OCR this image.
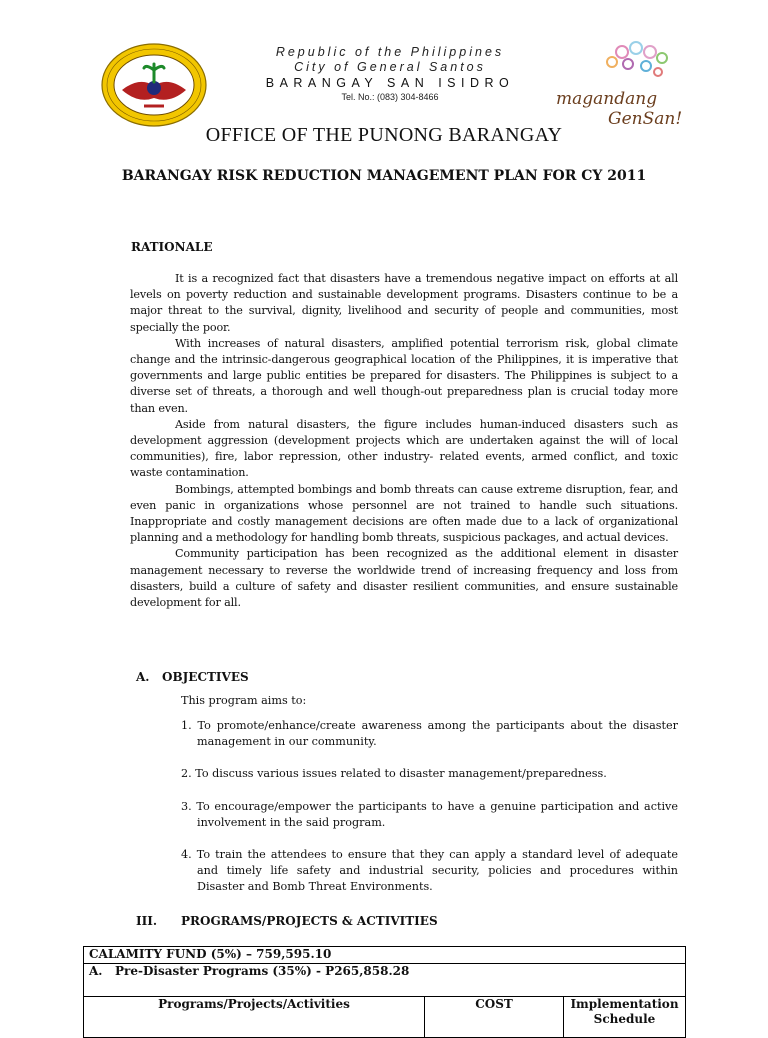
Republic of the Philippines
City of General Santos
BARANGAY SAN ISIDRO
Tel. No.: (083) 304-8466	magandang
GenSan!
OFFICE OF THE PUNONG BARANGAY
BARANGAY RISK REDUCTION MANAGEMENT PLAN FOR CY 2011
RATIONALE

It is a recognized fact that disasters have a tremendous negative impact on efforts at all levels on poverty reduction and sustainable development programs. Disasters continue to be a major threat to the survival, dignity, livelihood and security of people and communities, most specially the poor.

With increases of natural disasters, amplified potential terrorism risk, global climate change and the intrinsic-dangerous geographical location of the Philippines, it is imperative that governments and large public entities be prepared for disasters. The Philippines is subject to a diverse set of threats, a thorough and well though-out preparedness plan is crucial today more than even.

Aside from natural disasters, the figure includes human-induced disasters such as development aggression (development projects which are undertaken against the will of local communities), fire, labor repression, other industry- related events, armed conflict, and toxic waste contamination.

Bombings, attempted bombings and bomb threats can cause extreme disruption, fear, and even panic in organizations whose personnel are not trained to handle such situations. Inappropriate and costly management decisions are often made due to a lack of organizational planning and a methodology for handling bomb threats, suspicious packages, and actual devices.

Community participation has been recognized as the additional element in disaster management necessary to reverse the worldwide trend of increasing frequency and loss from disasters, build a culture of safety and disaster resilient communities, and ensure sustainable development for all.

A.   OBJECTIVES
This program aims to:
1. To promote/enhance/create awareness among the participants about the disaster management in our community.
2. To discuss various issues related to disaster management/preparedness.
3. To encourage/empower the participants to have a genuine participation and active involvement in the said program.
4. To train the attendees to ensure that they can apply a standard level of adequate and timely life safety and industrial security, policies and procedures within Disaster and Bomb Threat Environments.
III. PROGRAMS/PROJECTS & ACTIVITIES
CALAMITY FUND (5%) – 759,595.10
A.   Pre-Disaster Programs (35%) - P265,858.28
Programs/Projects/Activities	COST	Implementation Schedule
